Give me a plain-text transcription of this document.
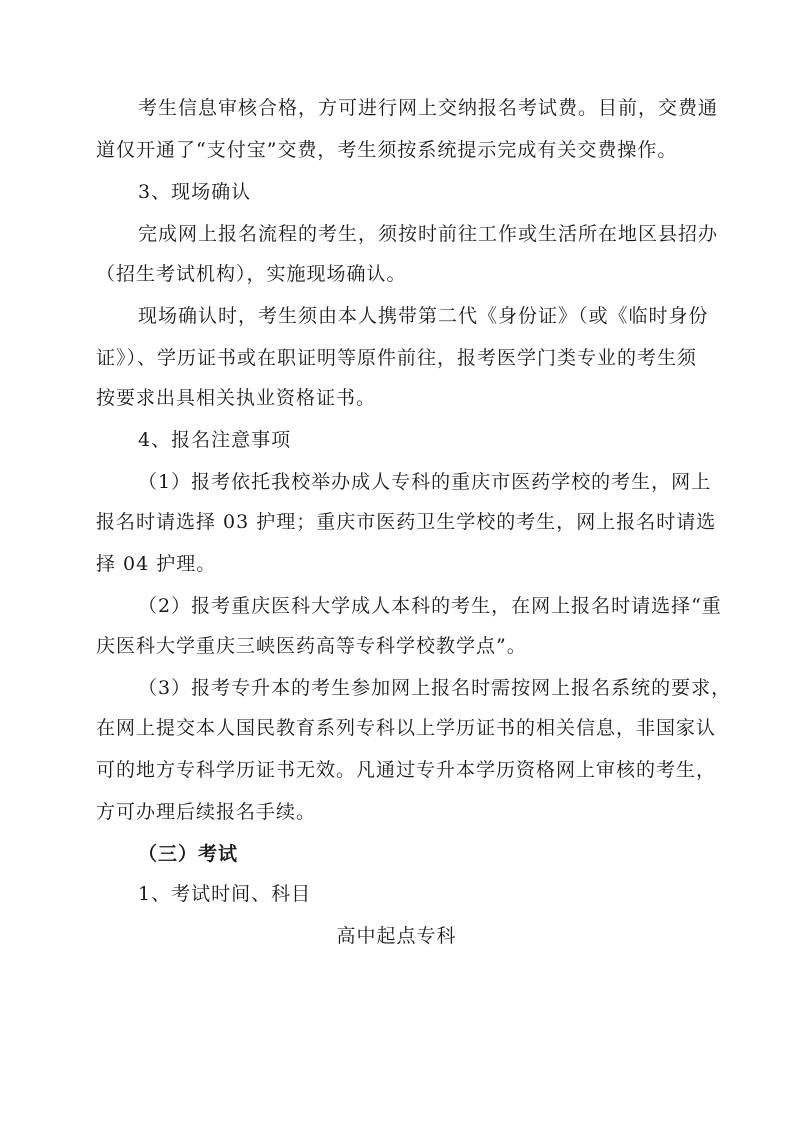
考生信息审核合格，方可进行网上交纳报名考试费。目前，交费通
道仅开通了“支付宝”交费，考生须按系统提示完成有关交费操作。
3、现场确认
完成网上报名流程的考生，须按时前往工作或生活所在地区县招办
（招生考试机构），实施现场确认。
现场确认时，考生须由本人携带第二代《身份证》（或《临时身份
证》）、学历证书或在职证明等原件前往，报考医学门类专业的考生须
按要求出具相关执业资格证书。
4、报名注意事项
（1）报考依托我校举办成人专科的重庆市医药学校的考生，网上
报名时请选择 03 护理；重庆市医药卫生学校的考生，网上报名时请选
择 04 护理。
（2）报考重庆医科大学成人本科的考生，在网上报名时请选择“重
庆医科大学重庆三峡医药高等专科学校教学点”。
（3）报考专升本的考生参加网上报名时需按网上报名系统的要求，
在网上提交本人国民教育系列专科以上学历证书的相关信息，非国家认
可的地方专科学历证书无效。凡通过专升本学历资格网上审核的考生，
方可办理后续报名手续。
（三）考试
1、考试时间、科目
高中起点专科
